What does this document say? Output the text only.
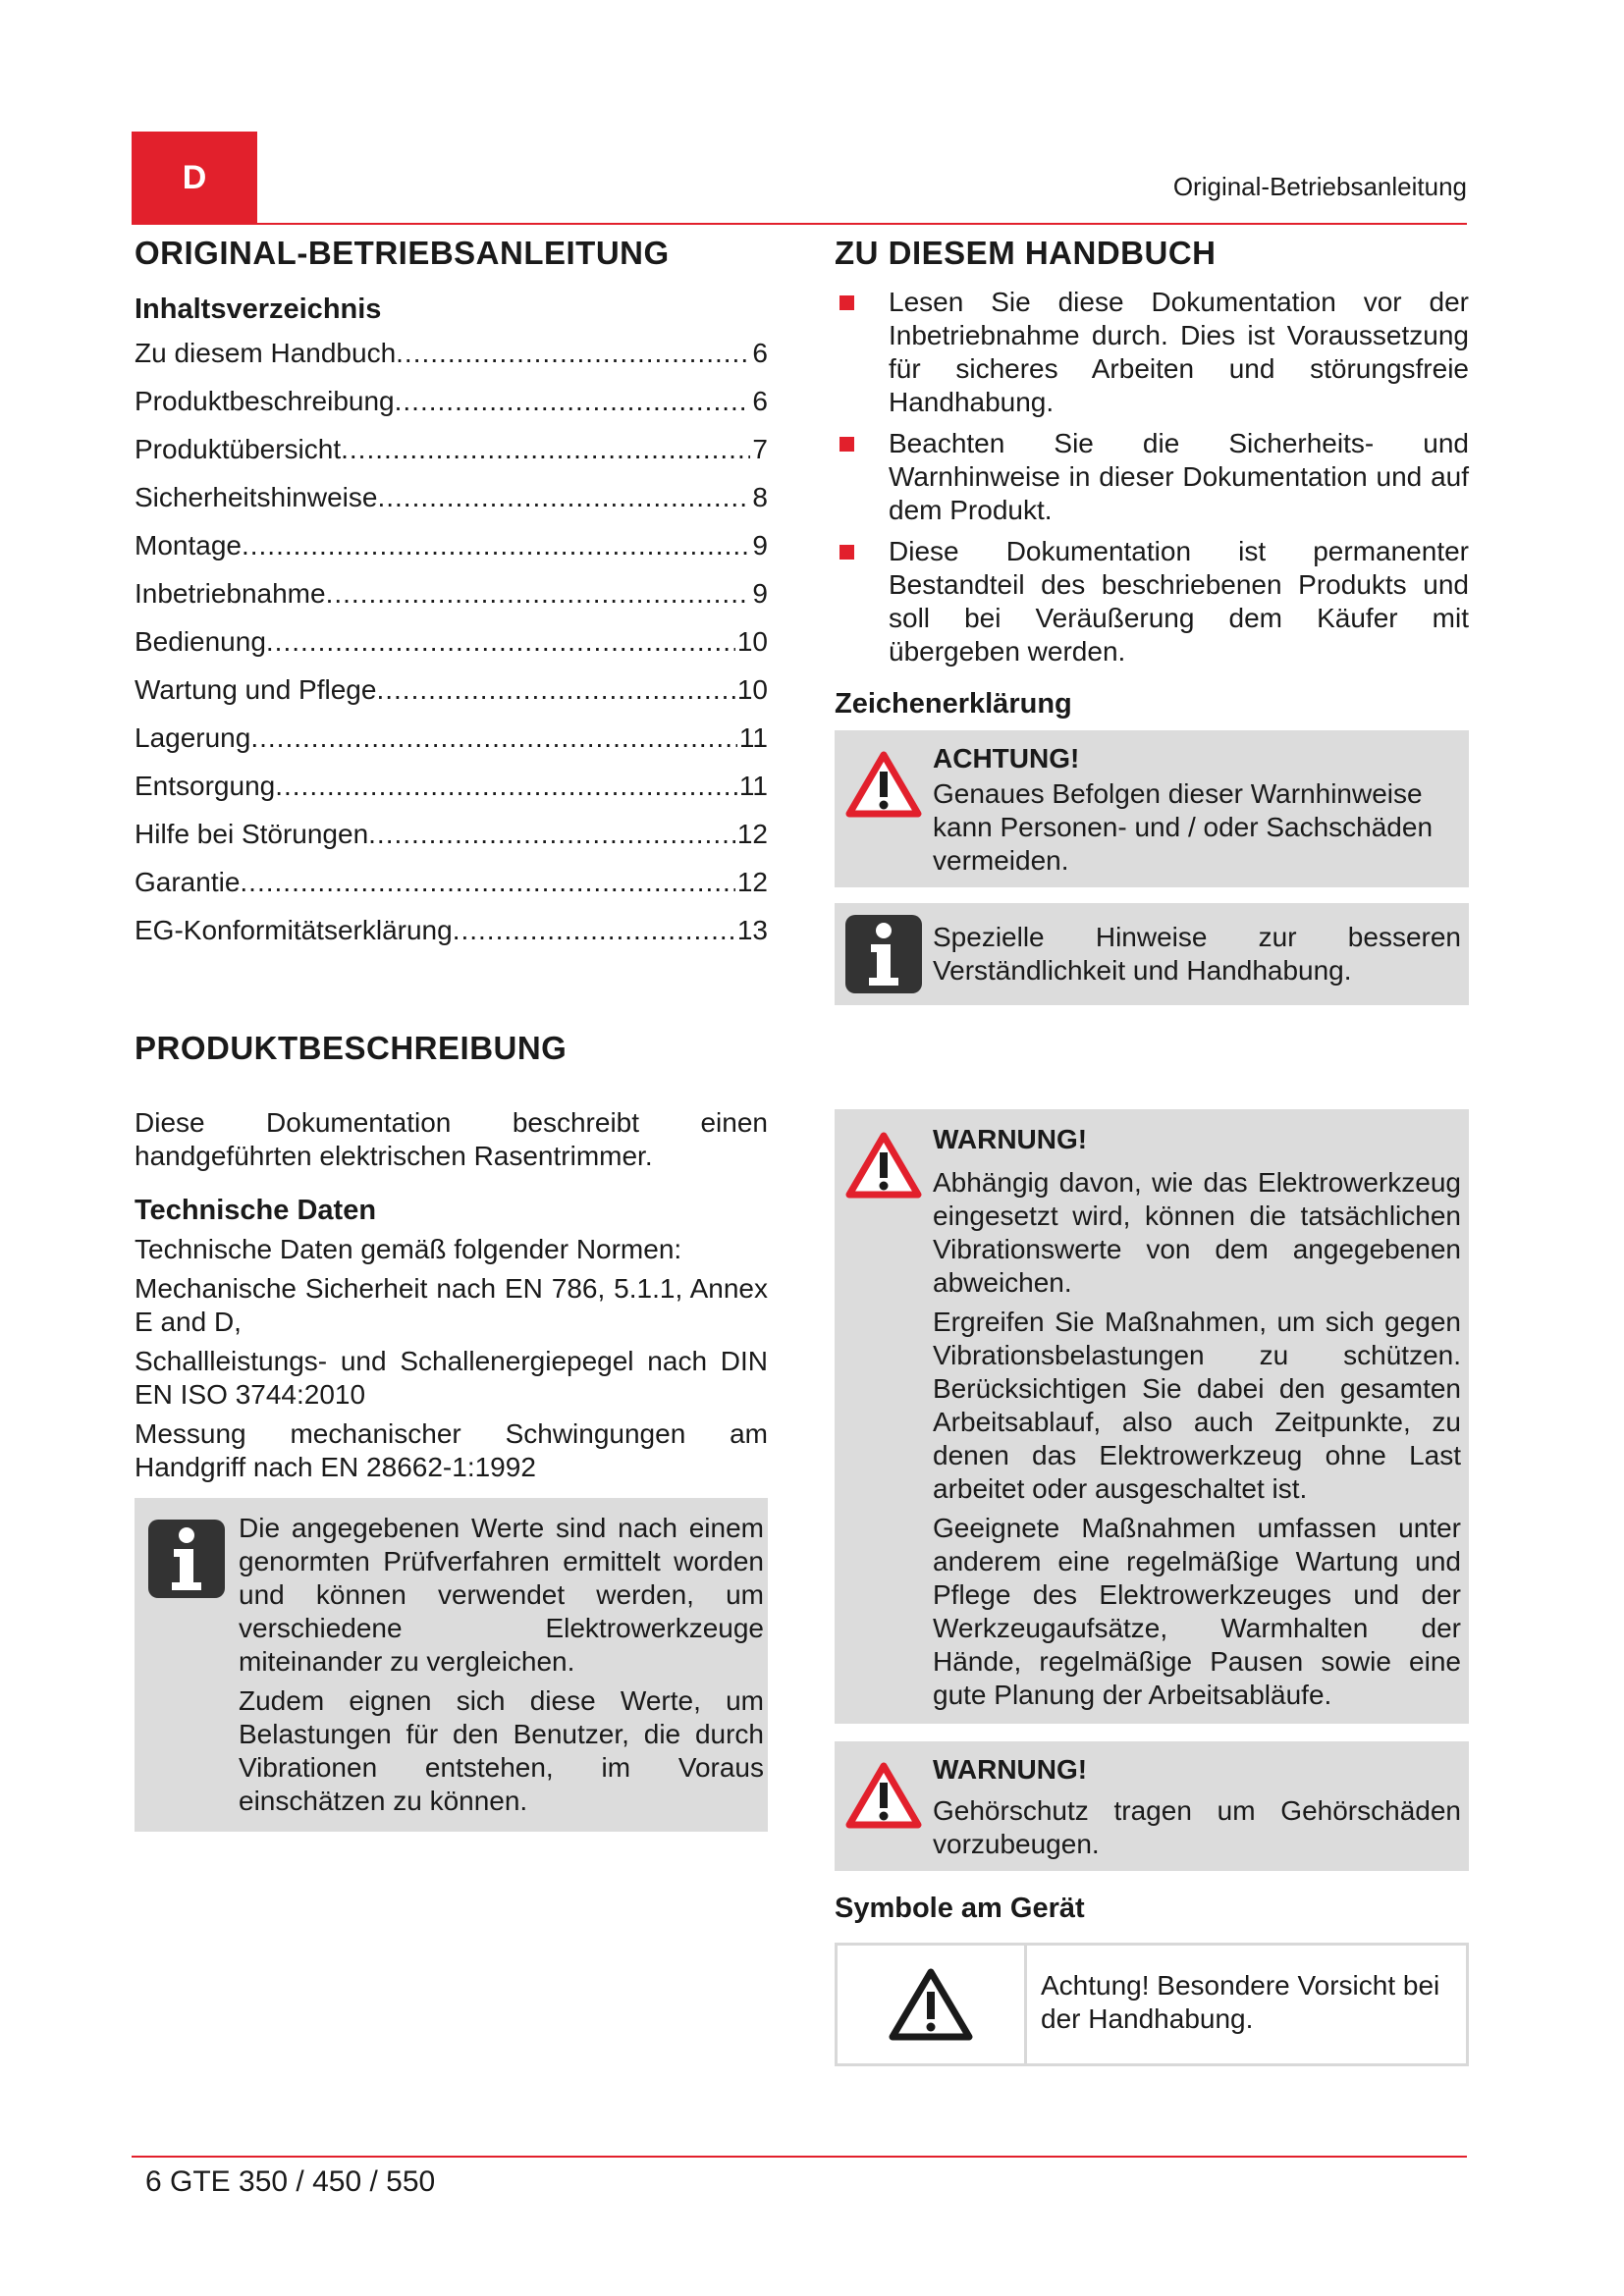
D	Original-Betriebsanleitung
ORIGINAL-BETRIEBSANLEITUNG
Inhaltsverzeichnis
Zu diesem Handbuch .....	6
Produktbeschreibung .....	6
Produktübersicht .....	7
Sicherheitshinweise .....	8
Montage .....	9
Inbetriebnahme .....	9
Bedienung .....	10
Wartung und Pflege .....	10
Lagerung .....	11
Entsorgung .....	11
Hilfe bei Störungen .....	12
Garantie .....	12
EG-Konformitätserklärung .....	13
PRODUKTBESCHREIBUNG

Diese Dokumentation beschreibt einen handgeführten elektrischen Rasentrimmer.

Technische Daten

Technische Daten gemäß folgender Normen:

Mechanische Sicherheit nach EN 786, 5.1.1, Annex E and D,

Schallleistungs- und Schallenergiepegel nach DIN EN ISO 3744:2010

Messung mechanischer Schwingungen am Handgriff nach EN 28662-1:1992

Die angegebenen Werte sind nach einem genormten Prüfverfahren ermittelt worden und können verwendet werden, um verschiedene Elektrowerkzeuge miteinander zu vergleichen.

Zudem eignen sich diese Werte, um Belastungen für den Benutzer, die durch Vibrationen entstehen, im Voraus einschätzen zu können.

ZU DIESEM HANDBUCH
Lesen Sie diese Dokumentation vor der Inbetriebnahme durch. Dies ist Voraussetzung für sicheres Arbeiten und störungsfreie Handhabung.
Beachten Sie die Sicherheits- und Warnhinweise in dieser Dokumentation und auf dem Produkt.
Diese Dokumentation ist permanenter Bestandteil des beschriebenen Produkts und soll bei Veräußerung dem Käufer mit übergeben werden.
Zeichenerklärung
ACHTUNG!

Genaues Befolgen dieser Warnhinweise kann Personen- und / oder Sachschäden vermeiden.

Spezielle Hinweise zur besseren Verständlichkeit und Handhabung.

WARNUNG!

Abhängig davon, wie das Elektrowerkzeug eingesetzt wird, können die tatsächlichen Vibrationswerte von dem angegebenen abweichen.

Ergreifen Sie Maßnahmen, um sich gegen Vibrationsbelastungen zu schützen. Berücksichtigen Sie dabei den gesamten Arbeitsablauf, also auch Zeitpunkte, zu denen das Elektrowerkzeug ohne Last arbeitet oder ausgeschaltet ist.

Geeignete Maßnahmen umfassen unter anderem eine regelmäßige Wartung und Pflege des Elektrowerkzeuges und der Werkzeugaufsätze, Warmhalten der Hände, regelmäßige Pausen sowie eine gute Planung der Arbeitsabläufe.

WARNUNG!

Gehörschutz tragen um Gehörschäden vorzubeugen.

Symbole am Gerät
Achtung! Besondere Vorsicht bei der Handhabung.
6 GTE 350 / 450 / 550
